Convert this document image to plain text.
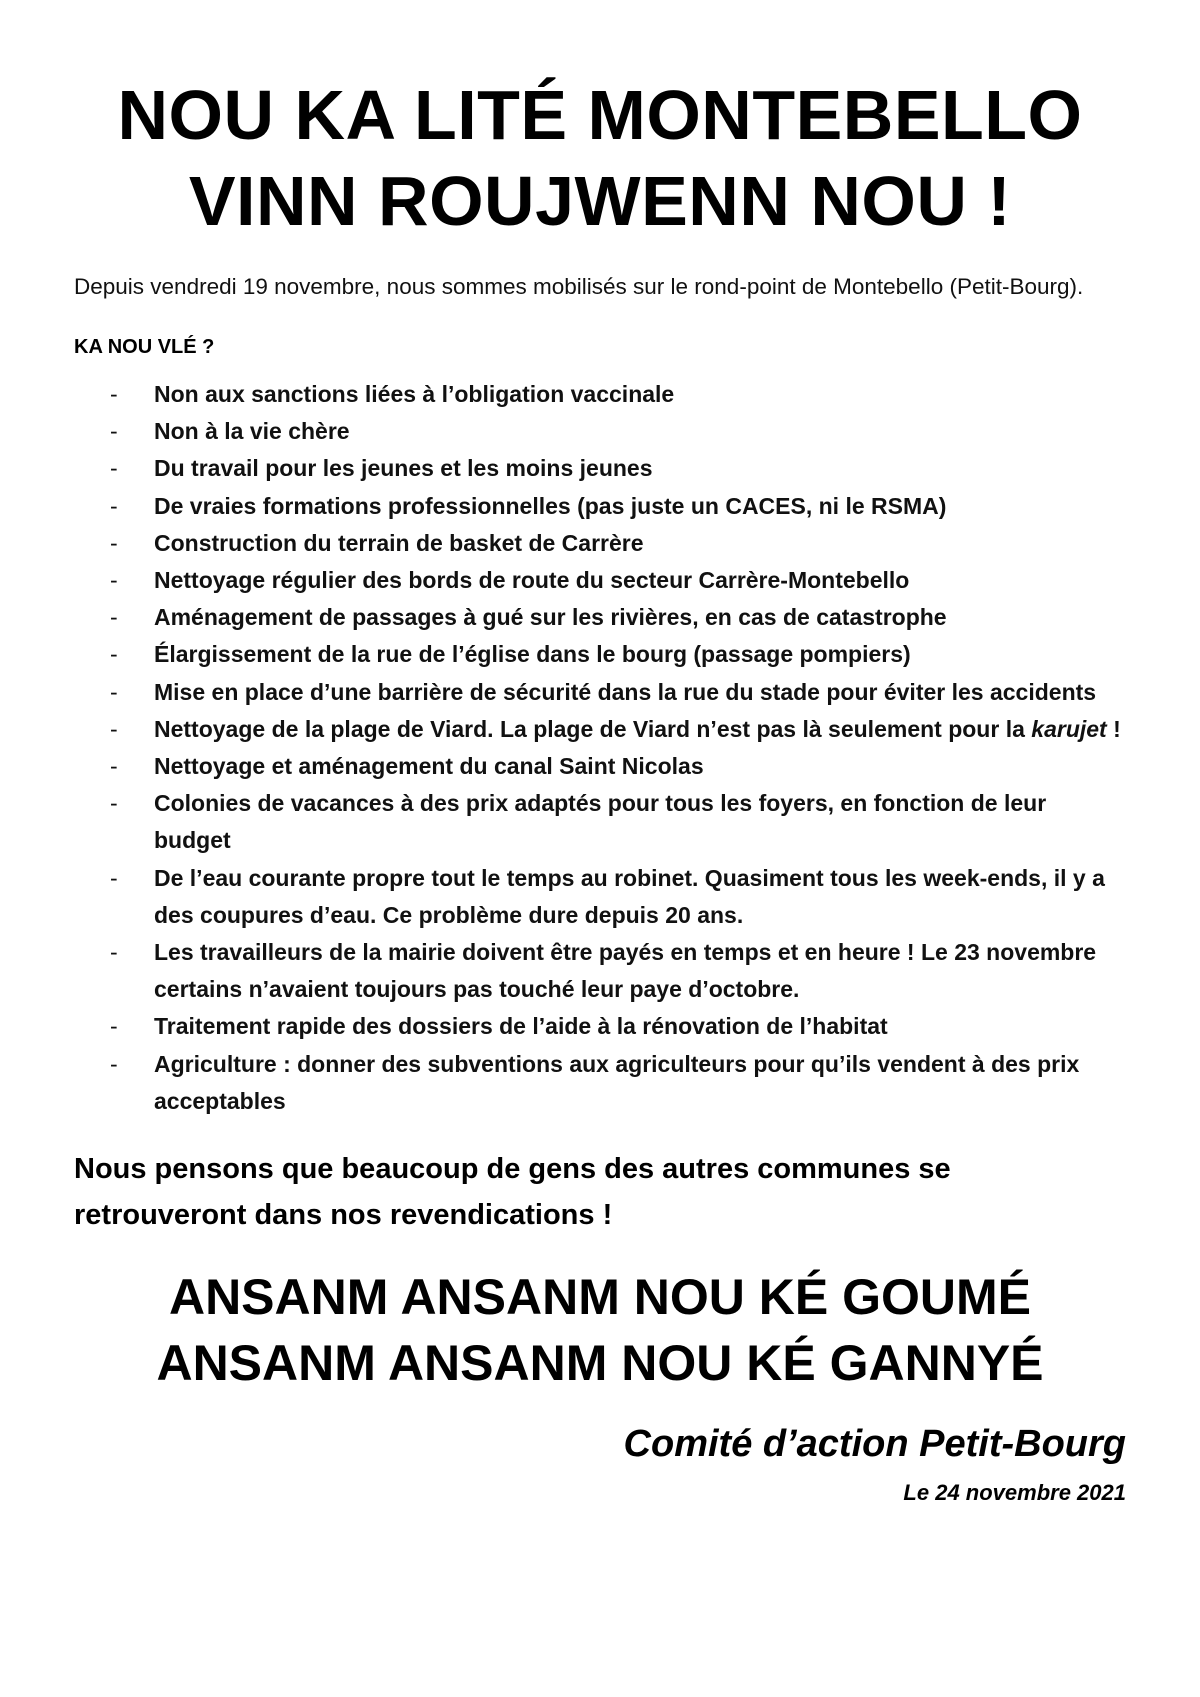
NOU KA LITÉ MONTEBELLO
VINN ROUJWENN NOU !

Depuis vendredi 19 novembre, nous sommes mobilisés sur le rond-point de Montebello (Petit-Bourg).

KA NOU VLÉ ?

- Non aux sanctions liées à l’obligation vaccinale
- Non à la vie chère
- Du travail pour les jeunes et les moins jeunes
- De vraies formations professionnelles (pas juste un CACES, ni le RSMA)
- Construction du terrain de basket de Carrère
- Nettoyage régulier des bords de route du secteur Carrère-Montebello
- Aménagement de passages à gué sur les rivières, en cas de catastrophe
- Élargissement de la rue de l’église dans le bourg (passage pompiers)
- Mise en place d’une barrière de sécurité dans la rue du stade pour éviter les accidents
- Nettoyage de la plage de Viard. La plage de Viard n’est pas là seulement pour la karujet !
- Nettoyage et aménagement du canal Saint Nicolas
- Colonies de vacances à des prix adaptés pour tous les foyers, en fonction de leur budget
- De l’eau courante propre tout le temps au robinet. Quasiment tous les week-ends, il y a des coupures d’eau. Ce problème dure depuis 20 ans.
- Les travailleurs de la mairie doivent être payés en temps et en heure ! Le 23 novembre certains n’avaient toujours pas touché leur paye d’octobre.
- Traitement rapide des dossiers de l’aide à la rénovation de l’habitat
- Agriculture : donner des subventions aux agriculteurs pour qu’ils vendent à des prix acceptables

Nous pensons que beaucoup de gens des autres communes se retrouveront dans nos revendications !

ANSANM ANSANM NOU KÉ GOUMÉ
ANSANM ANSANM NOU KÉ GANNYÉ

Comité d’action Petit-Bourg

Le 24 novembre 2021
